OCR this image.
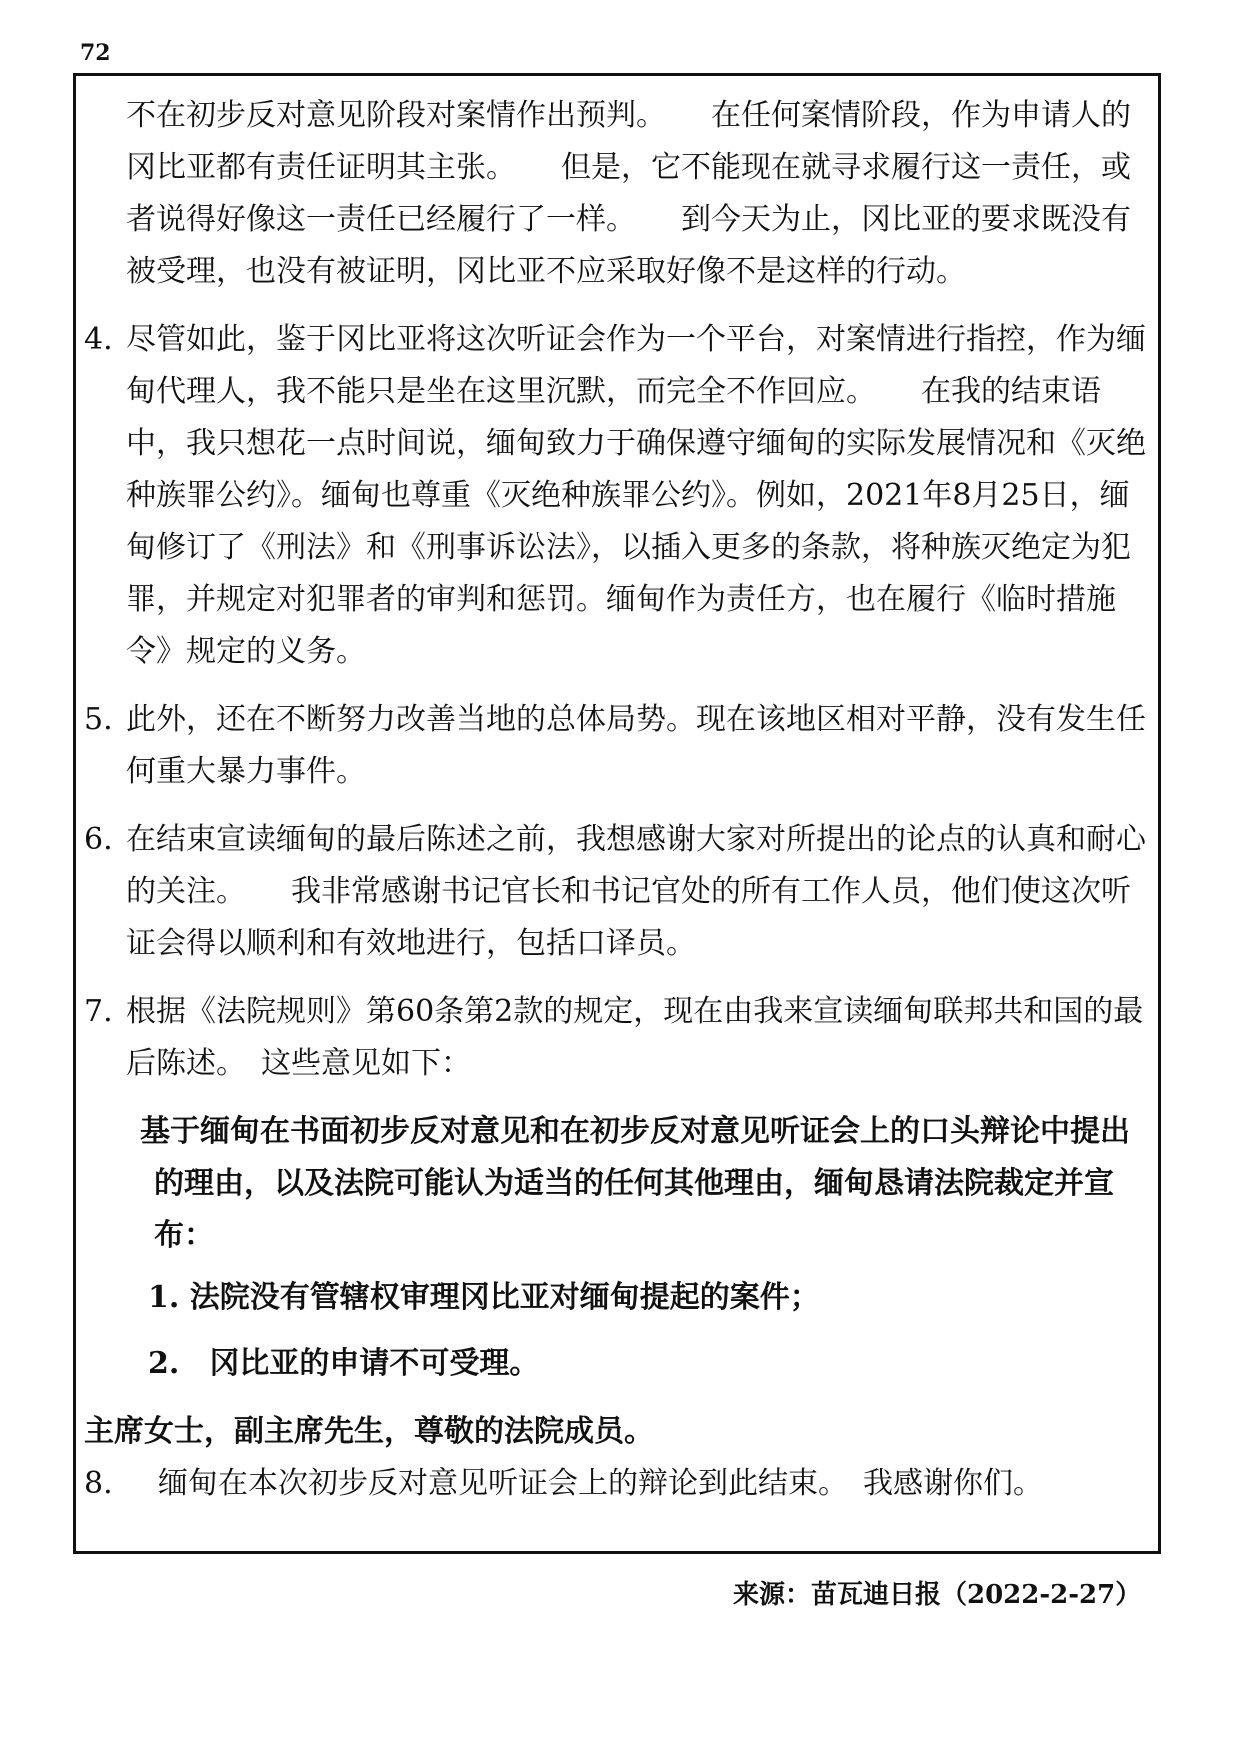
72

不在初步反对意见阶段对案情作出预判。　　在任何案情阶段，作为申请人的冈比亚都有责任证明其主张。　　但是，它不能现在就寻求履行这一责任，或者说得好像这一责任已经履行了一样。　　到今天为止，冈比亚的要求既没有被受理，也没有被证明，冈比亚不应采取好像不是这样的行动。

4. 尽管如此，鉴于冈比亚将这次听证会作为一个平台，对案情进行指控，作为缅甸代理人，我不能只是坐在这里沉默，而完全不作回应。　　在我的结束语中，我只想花一点时间说，缅甸致力于确保遵守缅甸的实际发展情况和《灭绝种族罪公约》。缅甸也尊重《灭绝种族罪公约》。例如，2021年8月25日，缅甸修订了《刑法》和《刑事诉讼法》，以插入更多的条款，将种族灭绝定为犯罪，并规定对犯罪者的审判和惩罚。缅甸作为责任方，也在履行《临时措施令》规定的义务。

5. 此外，还在不断努力改善当地的总体局势。现在该地区相对平静，没有发生任何重大暴力事件。

6. 在结束宣读缅甸的最后陈述之前，我想感谢大家对所提出的论点的认真和耐心的关注。　　我非常感谢书记官长和书记官处的所有工作人员，他们使这次听证会得以顺利和有效地进行，包括口译员。

7. 根据《法院规则》第60条第2款的规定，现在由我来宣读缅甸联邦共和国的最后陈述。　这些意见如下：

基于缅甸在书面初步反对意见和在初步反对意见听证会上的口头辩论中提出的理由，以及法院可能认为适当的任何其他理由，缅甸恳请法院裁定并宣布：
1. 法院没有管辖权审理冈比亚对缅甸提起的案件；
2.　冈比亚的申请不可受理。

主席女士，副主席先生，尊敬的法院成员。

8.	缅甸在本次初步反对意见听证会上的辩论到此结束。　我感谢你们。

来源：苗瓦迪日报（2022-2-27）
